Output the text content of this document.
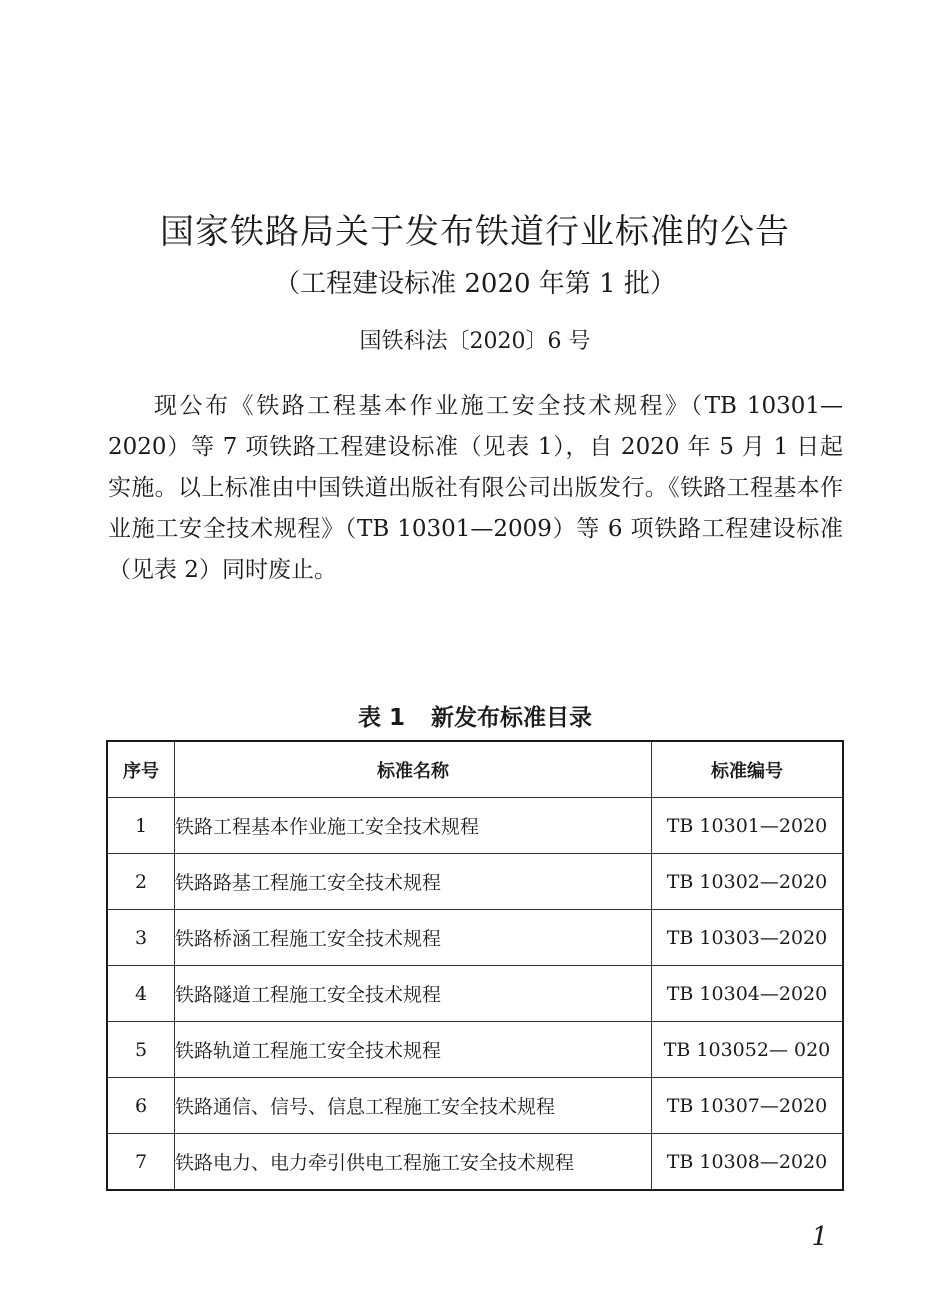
国家铁路局关于发布铁道行业标准的公告
（工程建设标准 2020 年第 1 批）
国铁科法〔2020〕6 号

现公布《铁路工程基本作业施工安全技术规程》（TB 10301—2020）等 7 项铁路工程建设标准（见表 1），自 2020 年 5 月 1 日起实施。以上标准由中国铁道出版社有限公司出版发行。《铁路工程基本作业施工安全技术规程》（TB 10301—2009）等 6 项铁路工程建设标准（见表 2）同时废止。

表 1 新发布标准目录
序号	标准名称	标准编号
1	铁路工程基本作业施工安全技术规程	TB 10301—2020
2	铁路路基工程施工安全技术规程	TB 10302—2020
3	铁路桥涵工程施工安全技术规程	TB 10303—2020
4	铁路隧道工程施工安全技术规程	TB 10304—2020
5	铁路轨道工程施工安全技术规程	TB 103052— 020
6	铁路通信、信号、信息工程施工安全技术规程	TB 10307—2020
7	铁路电力、电力牵引供电工程施工安全技术规程	TB 10308—2020
1
